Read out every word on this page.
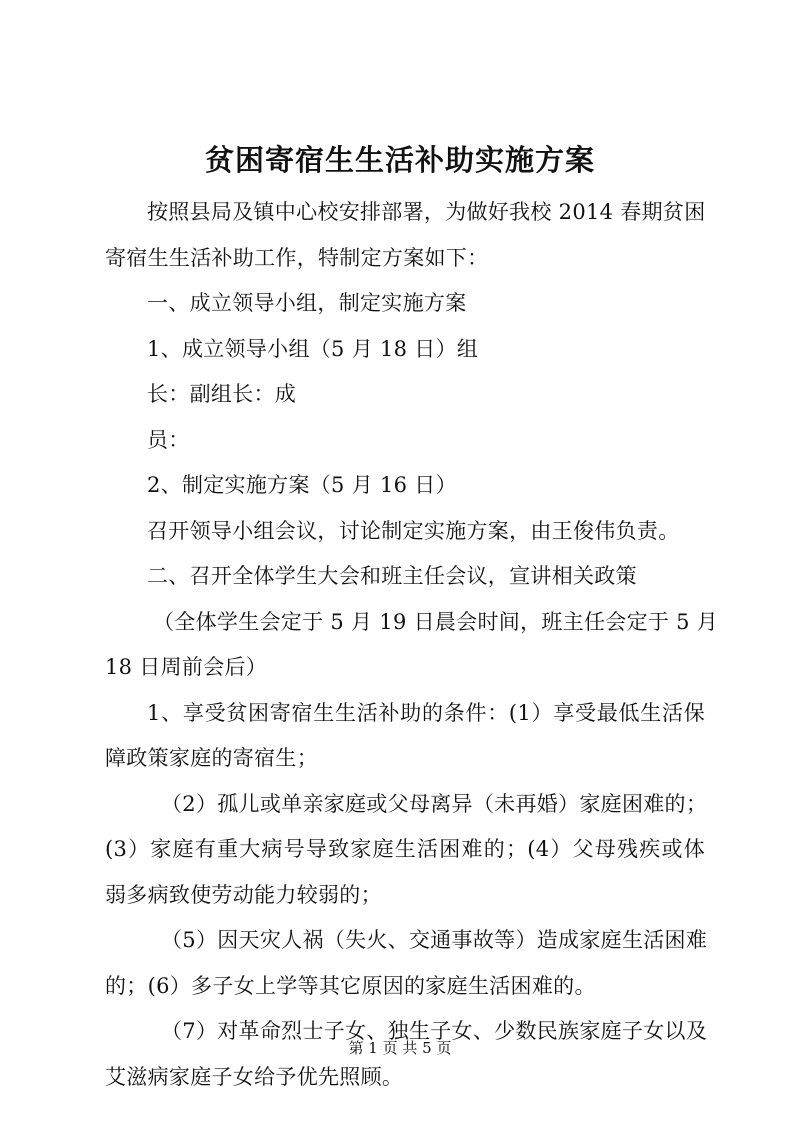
贫困寄宿生生活补助实施方案
按照县局及镇中心校安排部署，为做好我校 2014 春期贫困
寄宿生生活补助工作，特制定方案如下：
一、成立领导小组，制定实施方案
1、成立领导小组（5 月 18 日）组
长：副组长：成
员：
2、制定实施方案（5 月 16 日）
召开领导小组会议，讨论制定实施方案，由王俊伟负责。
二、召开全体学生大会和班主任会议，宣讲相关政策
（全体学生会定于 5 月 19 日晨会时间，班主任会定于 5 月
18 日周前会后）
1、享受贫困寄宿生生活补助的条件：(1）享受最低生活保
障政策家庭的寄宿生；
（2）孤儿或单亲家庭或父母离异（未再婚）家庭困难的；
(3）家庭有重大病号导致家庭生活困难的；(4）父母残疾或体
弱多病致使劳动能力较弱的；
（5）因天灾人祸（失火、交通事故等）造成家庭生活困难
的；(6）多子女上学等其它原因的家庭生活困难的。
（7）对革命烈士子女、独生子女、少数民族家庭子女以及
艾滋病家庭子女给予优先照顾。
第 1 页 共 5 页
